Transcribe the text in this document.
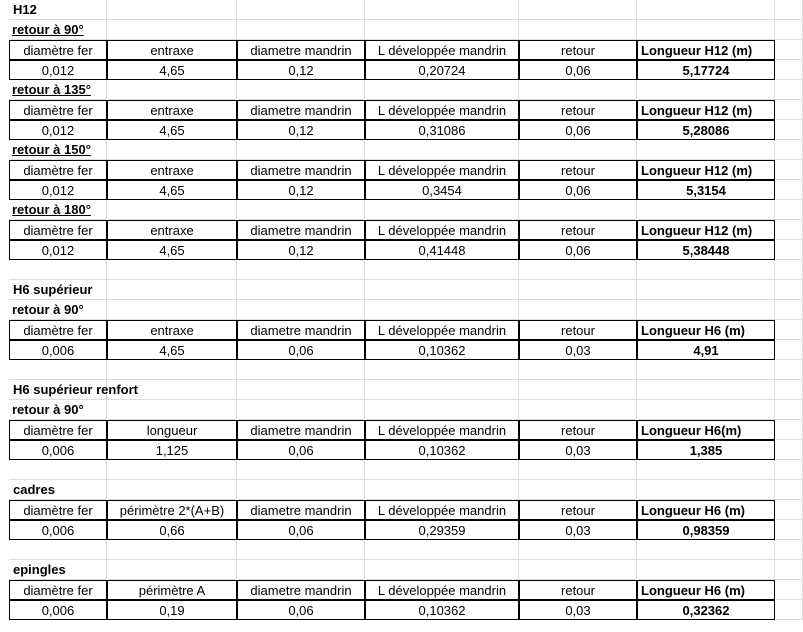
H12
retour à 90°
diamètre fer	entraxe	diametre mandrin	L développée mandrin	retour	Longueur H12 (m)
0,012	4,65	0,12	0,20724	0,06	5,17724
retour à 135°
diamètre fer	entraxe	diametre mandrin	L développée mandrin	retour	Longueur H12 (m)
0,012	4,65	0,12	0,31086	0,06	5,28086
retour à 150°
diamètre fer	entraxe	diametre mandrin	L développée mandrin	retour	Longueur H12 (m)
0,012	4,65	0,12	0,3454	0,06	5,3154
retour à 180°
diamètre fer	entraxe	diametre mandrin	L développée mandrin	retour	Longueur H12 (m)
0,012	4,65	0,12	0,41448	0,06	5,38448
H6 supérieur
retour à 90°
diamètre fer	entraxe	diametre mandrin	L développée mandrin	retour	Longueur H6 (m)
0,006	4,65	0,06	0,10362	0,03	4,91
H6 supérieur renfort
retour à 90°
diamètre fer	longueur	diametre mandrin	L développée mandrin	retour	Longueur H6(m)
0,006	1,125	0,06	0,10362	0,03	1,385
cadres
diamètre fer	périmètre 2*(A+B)	diametre mandrin	L développée mandrin	retour	Longueur H6 (m)
0,006	0,66	0,06	0,29359	0,03	0,98359
epingles
diamètre fer	périmètre A	diametre mandrin	L développée mandrin	retour	Longueur H6 (m)
0,006	0,19	0,06	0,10362	0,03	0,32362
